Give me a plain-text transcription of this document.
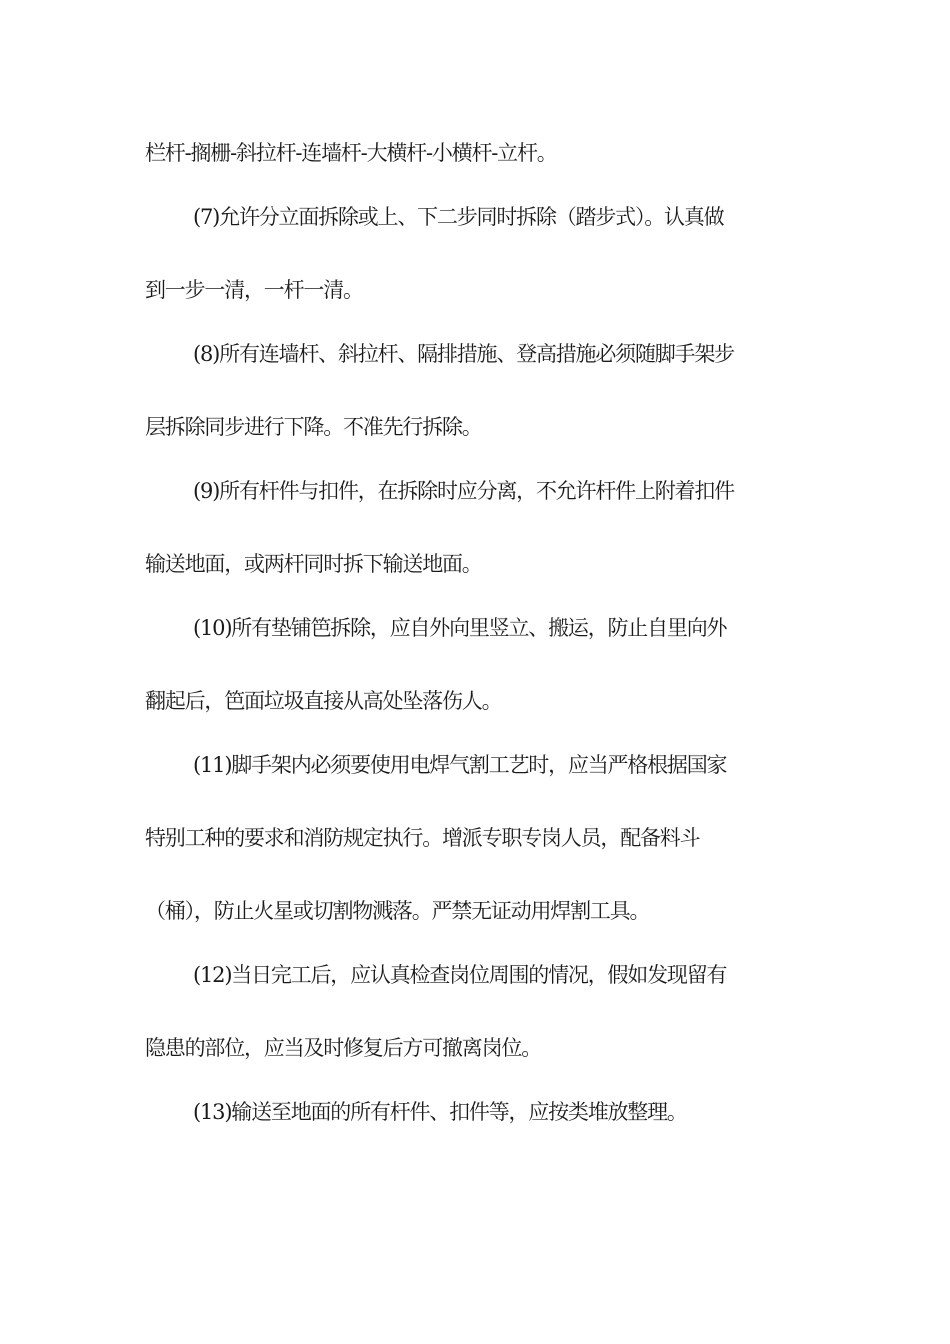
栏杆-搁栅-斜拉杆-连墙杆-大横杆-小横杆-立杆。
(7)允许分立面拆除或上、下二步同时拆除（踏步式）。认真做
到一步一清，一杆一清。
(8)所有连墙杆、斜拉杆、隔排措施、登高措施必须随脚手架步
层拆除同步进行下降。不准先行拆除。
(9)所有杆件与扣件，在拆除时应分离，不允许杆件上附着扣件
输送地面，或两杆同时拆下输送地面。
(10)所有垫铺笆拆除，应自外向里竖立、搬运，防止自里向外
翻起后，笆面垃圾直接从高处坠落伤人。
(11)脚手架内必须要使用电焊气割工艺时，应当严格根据国家
特别工种的要求和消防规定执行。增派专职专岗人员，配备料斗
（桶），防止火星或切割物溅落。严禁无证动用焊割工具。
(12)当日完工后，应认真检查岗位周围的情况，假如发现留有
隐患的部位，应当及时修复后方可撤离岗位。
(13)输送至地面的所有杆件、扣件等，应按类堆放整理。
